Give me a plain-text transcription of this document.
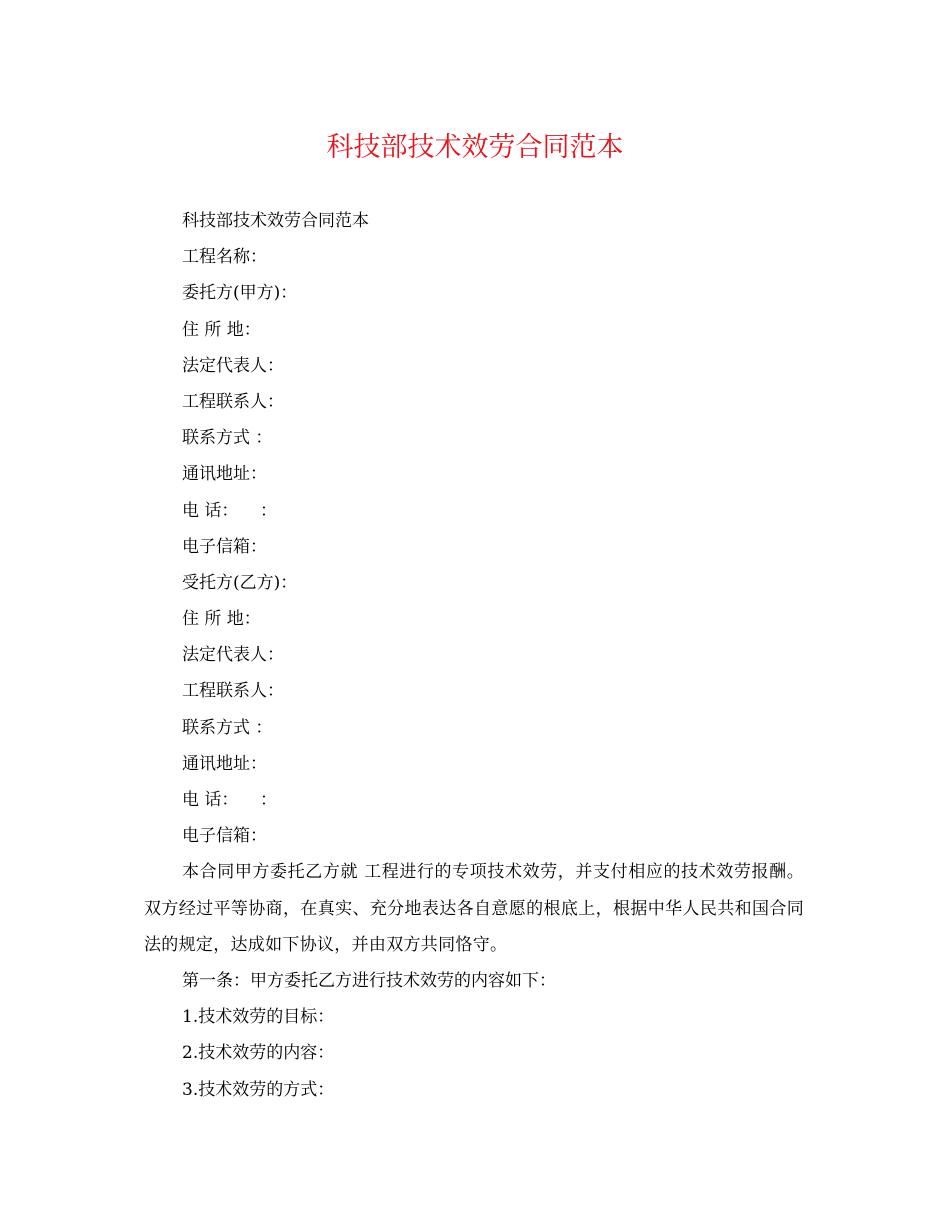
科技部技术效劳合同范本
科技部技术效劳合同范本
工程名称：
委托方(甲方)：
住 所 地：
法定代表人：
工程联系人：
联系方式 ：
通讯地址：
电 话：    ：
电子信箱：
受托方(乙方)：
住 所 地：
法定代表人：
工程联系人：
联系方式 ：
通讯地址：
电 话：    ：
电子信箱：

本合同甲方委托乙方就 工程进行的专项技术效劳，并支付相应的技术效劳报酬。双方经过平等协商，在真实、充分地表达各自意愿的根底上，根据中华人民共和国合同法的规定，达成如下协议，并由双方共同恪守。

第一条：甲方委托乙方进行技术效劳的内容如下：
1.技术效劳的目标：
2.技术效劳的内容：
3.技术效劳的方式：
